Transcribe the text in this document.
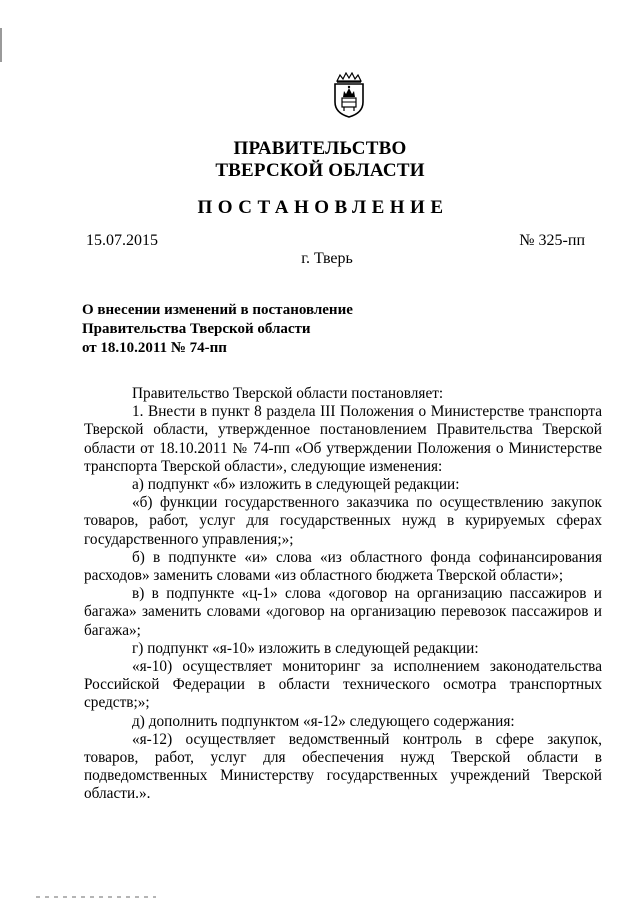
ПРАВИТЕЛЬСТВО
ТВЕРСКОЙ ОБЛАСТИ
ПОСТАНОВЛЕНИЕ
15.07.2015	№ 325-пп
г. Тверь
О внесении изменений в постановление
Правительства Тверской области
от 18.10.2011 № 74-пп

Правительство Тверской области постановляет:

1. Внести в пункт 8 раздела III Положения о Министерстве транспорта Тверской области, утвержденное постановлением Правительства Тверской области от 18.10.2011 № 74-пп «Об утверждении Положения о Министерстве транспорта Тверской области», следующие изменения:

а) подпункт «б» изложить в следующей редакции:

«б) функции государственного заказчика по осуществлению закупок товаров, работ, услуг для государственных нужд в курируемых сферах государственного управления;»;

б) в подпункте «и» слова «из областного фонда софинансирования расходов» заменить словами «из областного бюджета Тверской области»;

в) в подпункте «ц-1» слова «договор на организацию пассажиров и багажа» заменить словами «договор на организацию перевозок пассажиров и багажа»;

г) подпункт «я-10» изложить в следующей редакции:

«я-10) осуществляет мониторинг за исполнением законодательства Российской Федерации в области технического осмотра транспортных средств;»;

д) дополнить подпунктом «я-12» следующего содержания:

«я-12) осуществляет ведомственный контроль в сфере закупок, товаров, работ, услуг для обеспечения нужд Тверской области в подведомственных Министерству государственных учреждений Тверской области.».
